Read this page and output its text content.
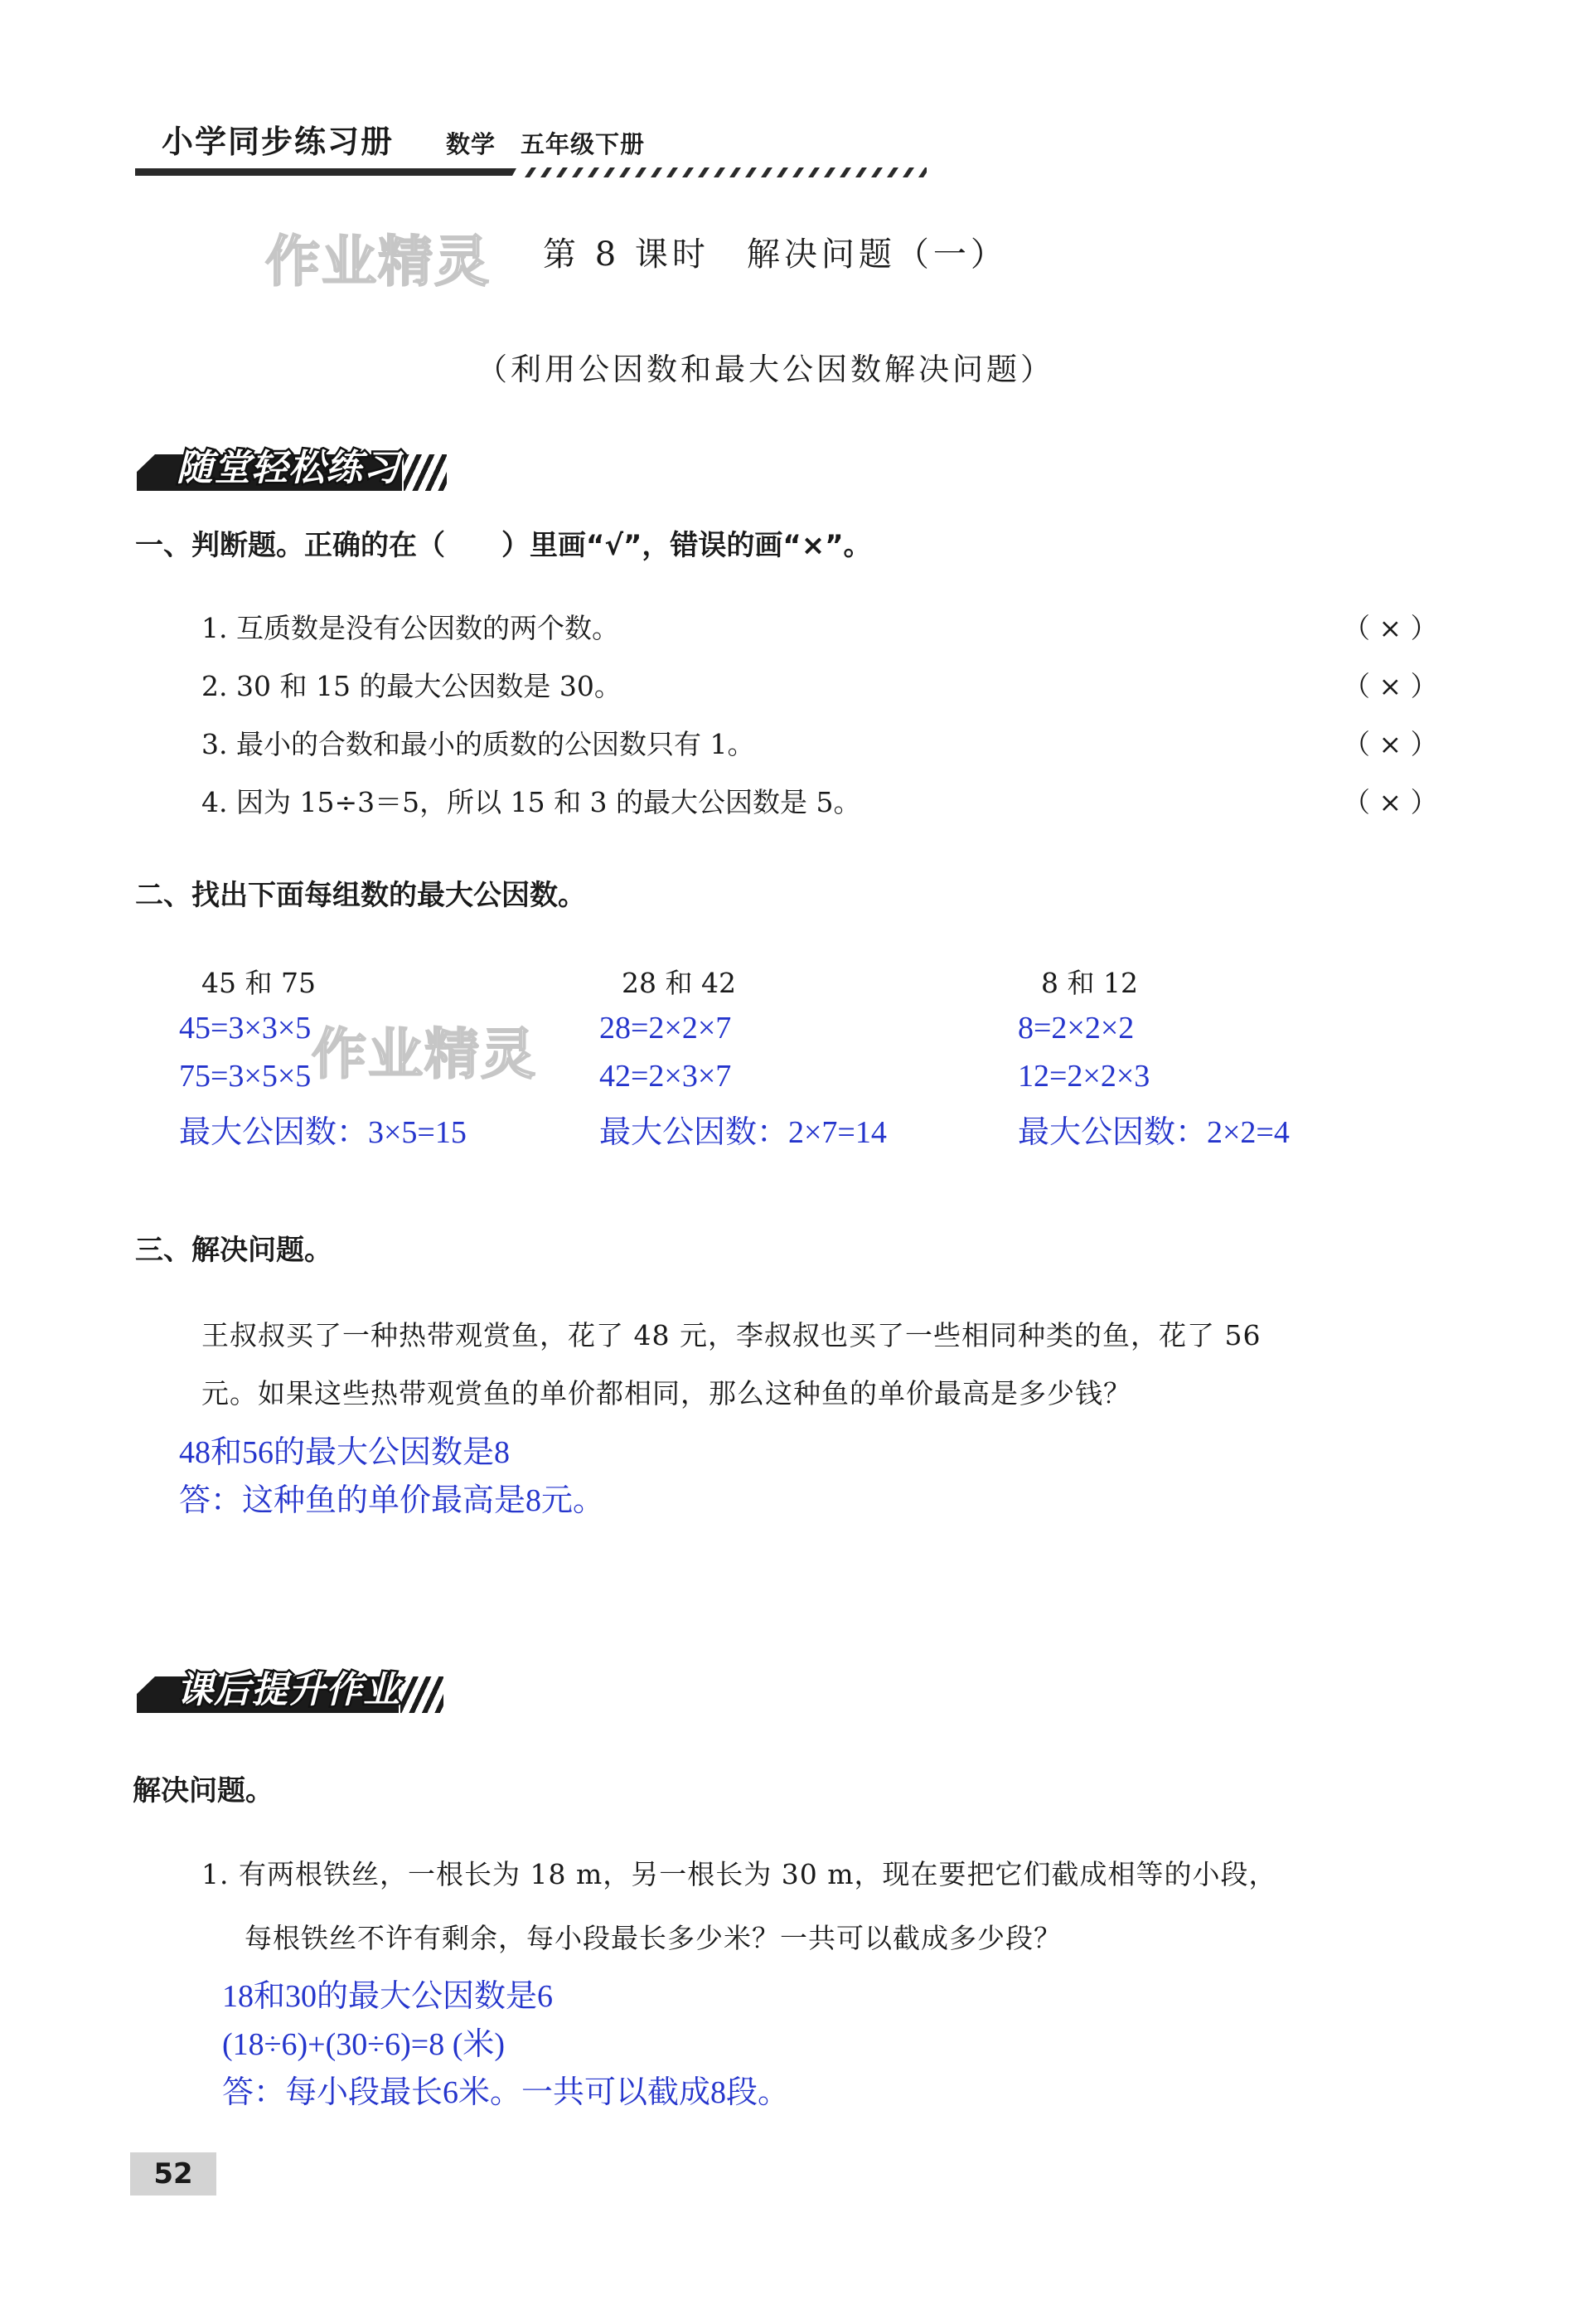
小学同步练习册 数学 五年级下册
作业精灵
作业精灵
第 8 课时　解决问题（一）
（利用公因数和最大公因数解决问题）
随堂轻松练习
一、判断题。正确的在（　　）里画“√”，错误的画“×”。
1. 互质数是没有公因数的两个数。	（ × ）
2. 30 和 15 的最大公因数是 30。	（ × ）
3. 最小的合数和最小的质数的公因数只有 1。	（ × ）
4. 因为 15÷3＝5，所以 15 和 3 的最大公因数是 5。	（ × ）
二、找出下面每组数的最大公因数。
45 和 75
45=3×3×5
75=3×5×5
最大公因数：3×5=15
28 和 42
28=2×2×7
42=2×3×7
最大公因数：2×7=14
8 和 12
8=2×2×2
12=2×2×3
最大公因数：2×2=4
三、解决问题。
王叔叔买了一种热带观赏鱼，花了 48 元，李叔叔也买了一些相同种类的鱼，花了 56
元。如果这些热带观赏鱼的单价都相同，那么这种鱼的单价最高是多少钱？
48和56的最大公因数是8
答：这种鱼的单价最高是8元。
课后提升作业
解决问题。
1. 有两根铁丝，一根长为 18 m，另一根长为 30 m，现在要把它们截成相等的小段，
每根铁丝不许有剩余，每小段最长多少米？一共可以截成多少段？
18和30的最大公因数是6
(18÷6)+(30÷6)=8 (米)
答：每小段最长6米。一共可以截成8段。
52
